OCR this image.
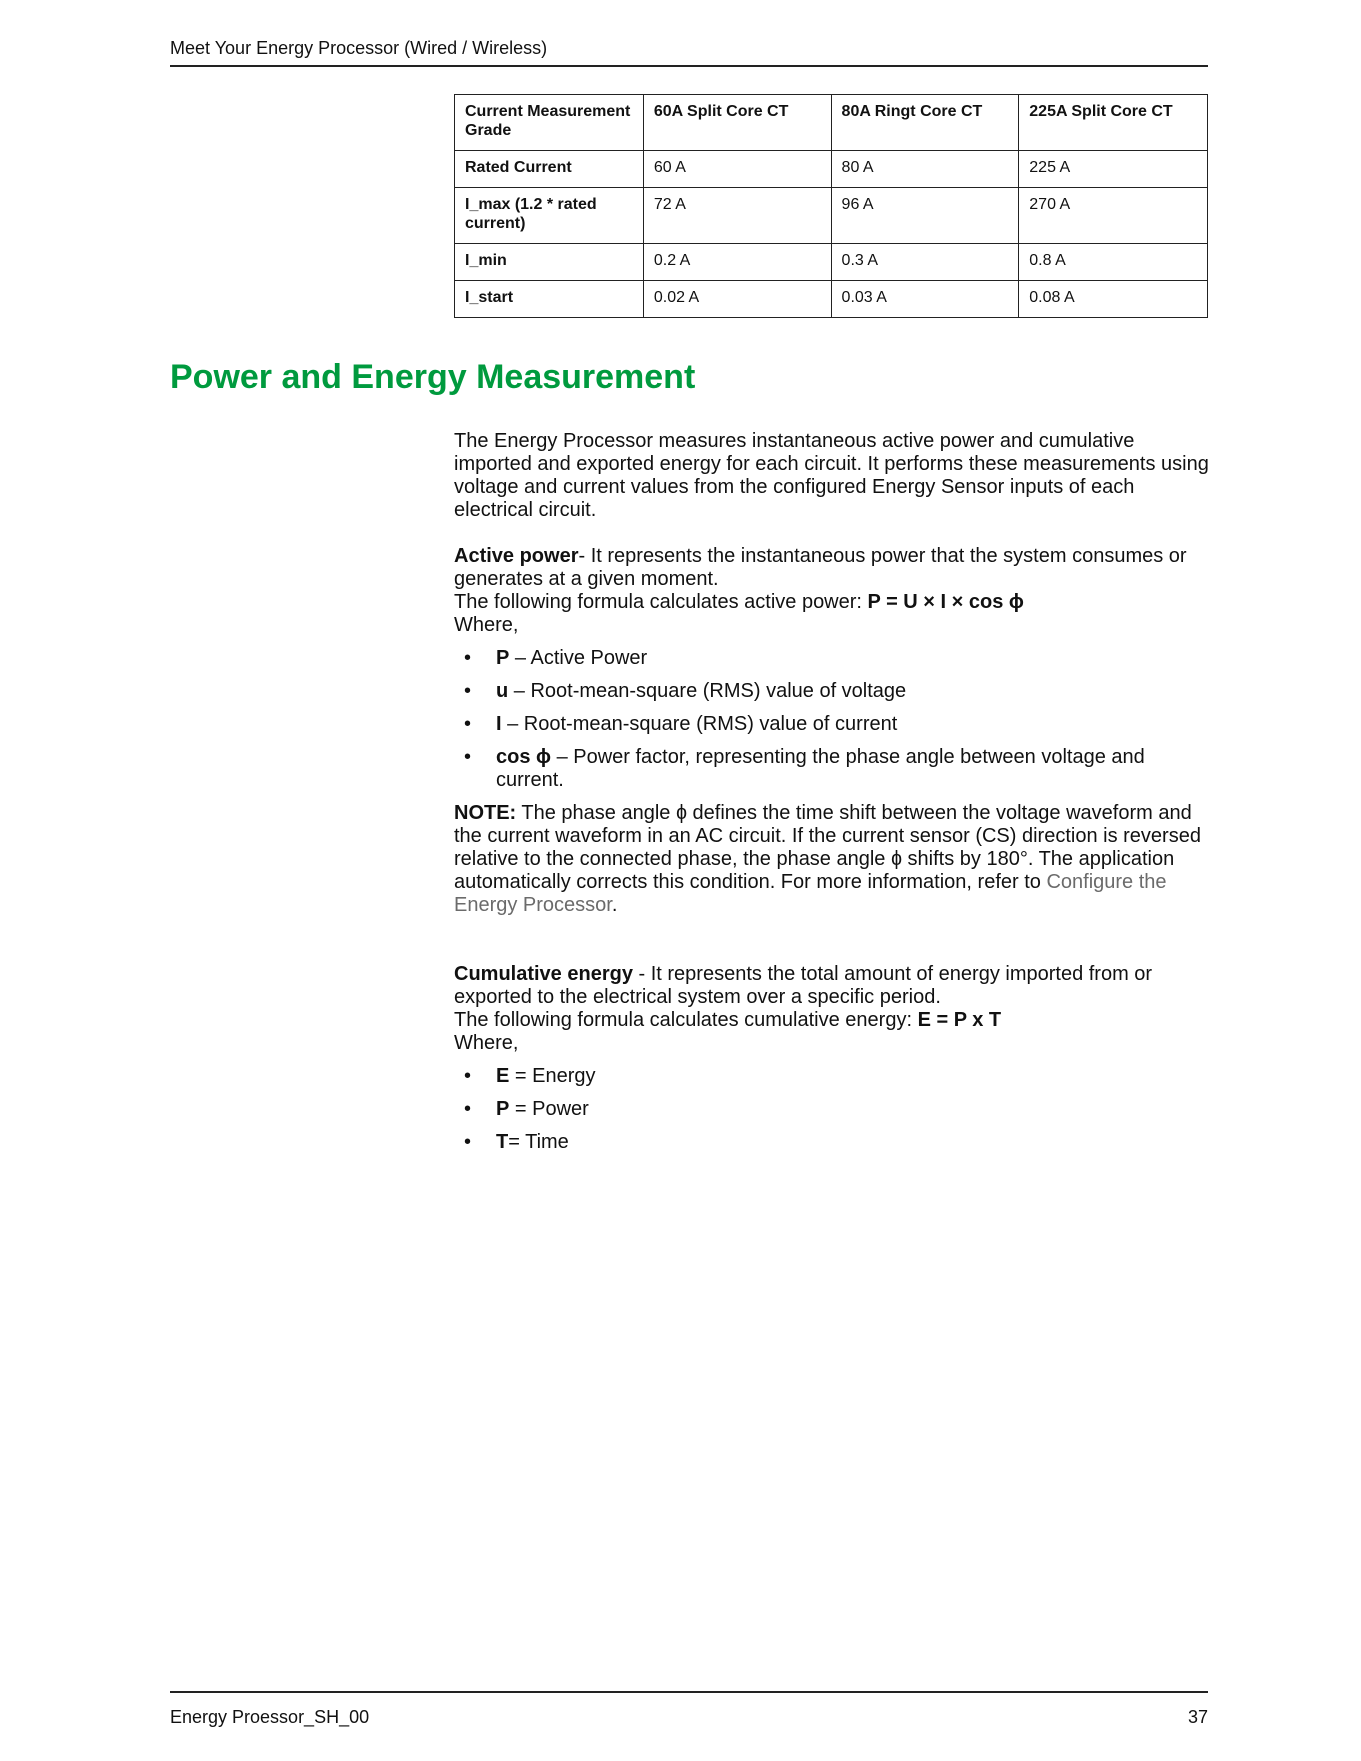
Meet Your Energy Processor (Wired / Wireless)
Current Measurement Grade	60A Split Core CT	80A Ringt Core CT	225A Split Core CT
Rated Current	60 A	80 A	225 A
I_max (1.2 * rated current)	72 A	96 A	270 A
I_min	0.2 A	0.3 A	0.8 A
I_start	0.02 A	0.03 A	0.08 A
Power and Energy Measurement

The Energy Processor measures instantaneous active power and cumulative imported and exported energy for each circuit. It performs these measurements using voltage and current values from the configured Energy Sensor inputs of each electrical circuit.

Active power- It represents the instantaneous power that the system consumes or generates at a given moment.

The following formula calculates active power: P = U × I × cos ɸ

Where,

• P – Active Power
• u – Root-mean-square (RMS) value of voltage
• I – Root-mean-square (RMS) value of current
• cos ɸ – Power factor, representing the phase angle between voltage and current.

NOTE: The phase angle ɸ defines the time shift between the voltage waveform and the current waveform in an AC circuit. If the current sensor (CS) direction is reversed relative to the connected phase, the phase angle ɸ shifts by 180°. The application automatically corrects this condition. For more information, refer to Configure the Energy Processor.

Cumulative energy - It represents the total amount of energy imported from or exported to the electrical system over a specific period.

The following formula calculates cumulative energy: E = P x T

Where,

• E = Energy
• P = Power
• T= Time
Energy Proessor_SH_00	37
